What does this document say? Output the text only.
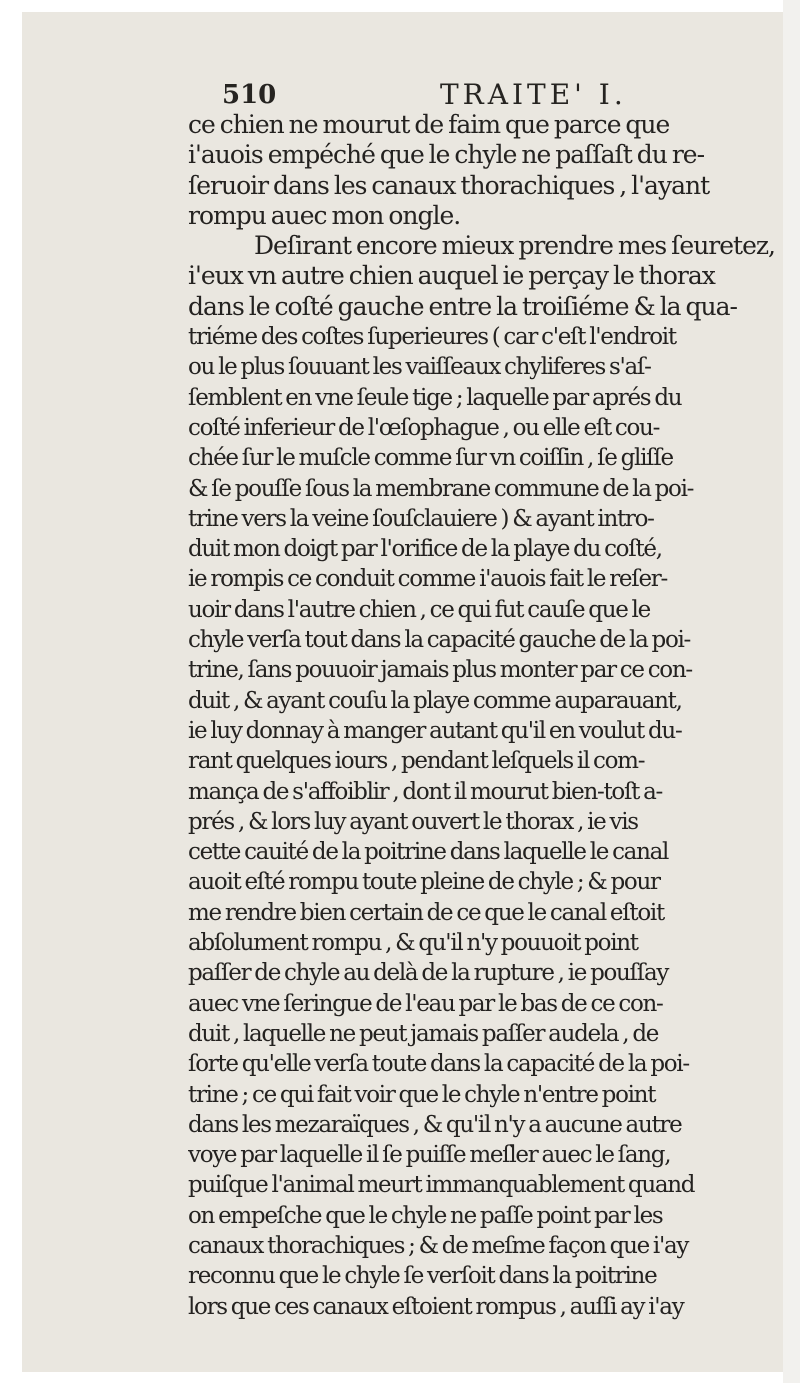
510	TRAITE' I.
ce chien ne mourut de faim que parce que
i'auois empéché que le chyle ne paſſaſt du re-
ſeruoir dans les canaux thorachiques , l'ayant
rompu auec mon ongle.
Deſirant encore mieux prendre mes ſeuretez,
i'eux vn autre chien auquel ie perçay le thorax
dans le coſté gauche entre la troiſiéme & la qua-
triéme des coſtes ſuperieures ( car c'eſt l'endroit
ou le plus ſouuant les vaiſſeaux chyliferes s'aſ-
ſemblent en vne ſeule tige ; laquelle par aprés du
coſté inferieur de l'œſophague , ou elle eſt cou-
chée ſur le muſcle comme ſur vn coiſſin , ſe gliſſe
& ſe pouſſe ſous la membrane commune de la poi-
trine vers la veine ſouſclauiere ) & ayant intro-
duit mon doigt par l'orifice de la playe du coſté,
ie rompis ce conduit comme i'auois fait le reſer-
uoir dans l'autre chien , ce qui fut cauſe que le
chyle verſa tout dans la capacité gauche de la poi-
trine, ſans pouuoir jamais plus monter par ce con-
duit , & ayant couſu la playe comme auparauant,
ie luy donnay à manger autant qu'il en voulut du-
rant quelques iours , pendant leſquels il com-
mança de s'affoiblir , dont il mourut bien-toſt a-
prés , & lors luy ayant ouvert le thorax , ie vis
cette cauité de la poitrine dans laquelle le canal
auoit eſté rompu toute pleine de chyle ; & pour
me rendre bien certain de ce que le canal eſtoit
abſolument rompu , & qu'il n'y pouuoit point
paſſer de chyle au delà de la rupture , ie pouſſay
auec vne ſeringue de l'eau par le bas de ce con-
duit , laquelle ne peut jamais paſſer audela , de
ſorte qu'elle verſa toute dans la capacité de la poi-
trine ; ce qui fait voir que le chyle n'entre point
dans les mezaraïques , & qu'il n'y a aucune autre
voye par laquelle il ſe puiſſe meſler auec le ſang,
puiſque l'animal meurt immanquablement quand
on empeſche que le chyle ne paſſe point par les
canaux thorachiques ; & de meſme façon que i'ay
reconnu que le chyle ſe verſoit dans la poitrine
lors que ces canaux eſtoient rompus , auſſi ay i'ay
